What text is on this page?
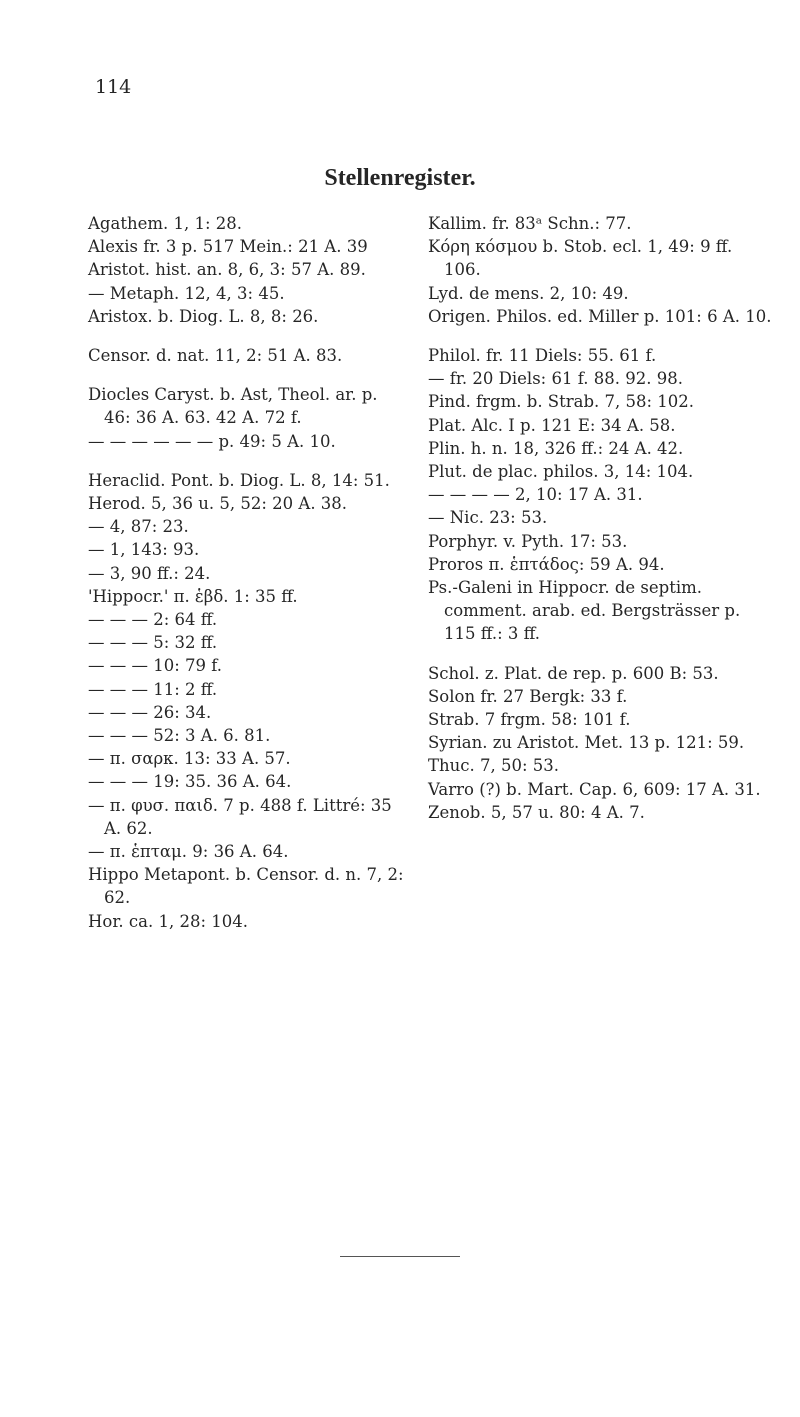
114
Stellenregister.
Agathem. 1, 1: 28.
Alexis fr. 3 p. 517 Mein.: 21 A. 39
Aristot. hist. an. 8, 6, 3: 57 A. 89.
— Metaph. 12, 4, 3: 45.
Aristox. b. Diog. L. 8, 8: 26.
Censor. d. nat. 11, 2: 51 A. 83.
Diocles Caryst. b. Ast, Theol. ar. p. 46: 36 A. 63. 42 A. 72 f.
— — — — — — p. 49: 5 A. 10.
Heraclid. Pont. b. Diog. L. 8, 14: 51.
Herod. 5, 36 u. 5, 52: 20 A. 38.
— 4, 87: 23.
— 1, 143: 93.
— 3, 90 ff.: 24.
'Hippocr.' π. ἑβδ. 1: 35 ff.
— — — 2: 64 ff.
— — — 5: 32 ff.
— — — 10: 79 f.
— — — 11: 2 ff.
— — — 26: 34.
— — — 52: 3 A. 6. 81.
— π. σαρκ. 13: 33 A. 57.
— — — 19: 35. 36 A. 64.
— π. φυσ. παιδ. 7 p. 488 f. Littré: 35 A. 62.
— π. ἑπταμ. 9: 36 A. 64.
Hippo Metapont. b. Censor. d. n. 7, 2: 62.
Hor. ca. 1, 28: 104.
Kallim. fr. 83ᵃ Schn.: 77.
Κόρη κόσμου b. Stob. ecl. 1, 49: 9 ff. 106.
Lyd. de mens. 2, 10: 49.
Origen. Philos. ed. Miller p. 101: 6 A. 10.
Philol. fr. 11 Diels: 55. 61 f.
— fr. 20 Diels: 61 f. 88. 92. 98.
Pind. frgm. b. Strab. 7, 58: 102.
Plat. Alc. I p. 121 E: 34 A. 58.
Plin. h. n. 18, 326 ff.: 24 A. 42.
Plut. de plac. philos. 3, 14: 104.
— — — — 2, 10: 17 A. 31.
— Nic. 23: 53.
Porphyr. v. Pyth. 17: 53.
Proros π. ἑπτάδος: 59 A. 94.
Ps.-Galeni in Hippocr. de septim. comment. arab. ed. Bergsträsser p. 115 ff.: 3 ff.
Schol. z. Plat. de rep. p. 600 B: 53.
Solon fr. 27 Bergk: 33 f.
Strab. 7 frgm. 58: 101 f.
Syrian. zu Aristot. Met. 13 p. 121: 59.
Thuc. 7, 50: 53.
Varro (?) b. Mart. Cap. 6, 609: 17 A. 31.
Zenob. 5, 57 u. 80: 4 A. 7.
